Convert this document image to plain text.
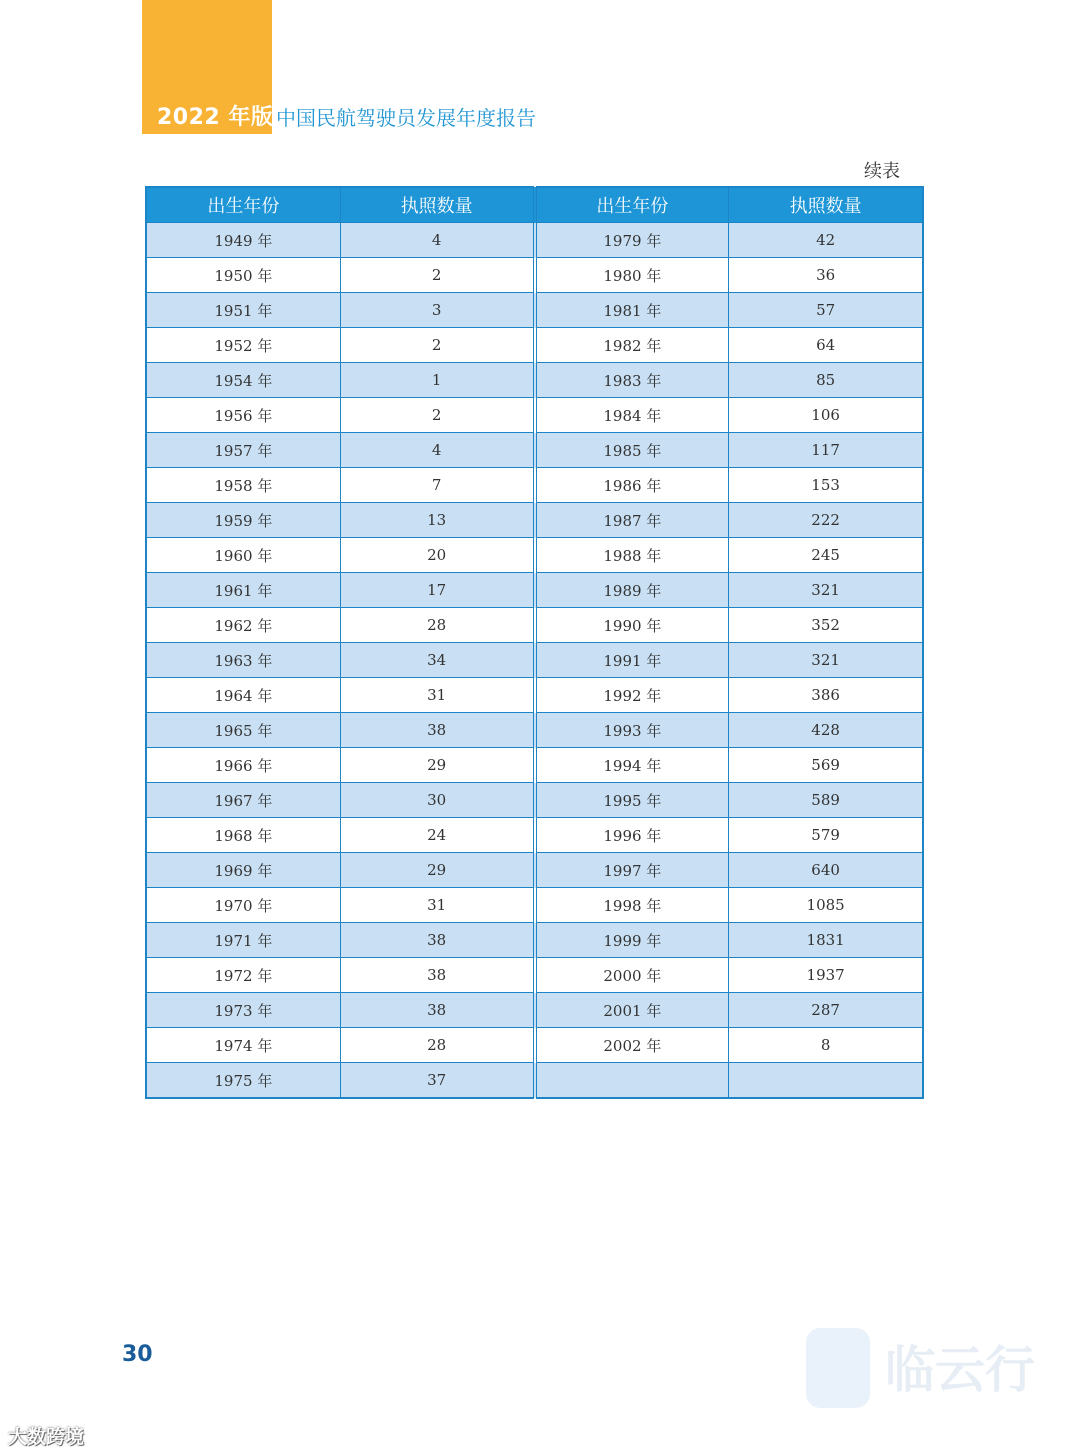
2022 年版 中国民航驾驶员发展年度报告
续表
出生年份	执照数量	出生年份	执照数量
1949 年	4	1979 年	42
1950 年	2	1980 年	36
1951 年	3	1981 年	57
1952 年	2	1982 年	64
1954 年	1	1983 年	85
1956 年	2	1984 年	106
1957 年	4	1985 年	117
1958 年	7	1986 年	153
1959 年	13	1987 年	222
1960 年	20	1988 年	245
1961 年	17	1989 年	321
1962 年	28	1990 年	352
1963 年	34	1991 年	321
1964 年	31	1992 年	386
1965 年	38	1993 年	428
1966 年	29	1994 年	569
1967 年	30	1995 年	589
1968 年	24	1996 年	579
1969 年	29	1997 年	640
1970 年	31	1998 年	1085
1971 年	38	1999 年	1831
1972 年	38	2000 年	1937
1973 年	38	2001 年	287
1974 年	28	2002 年	8
1975 年	37		
30	临云行
大数跨境
